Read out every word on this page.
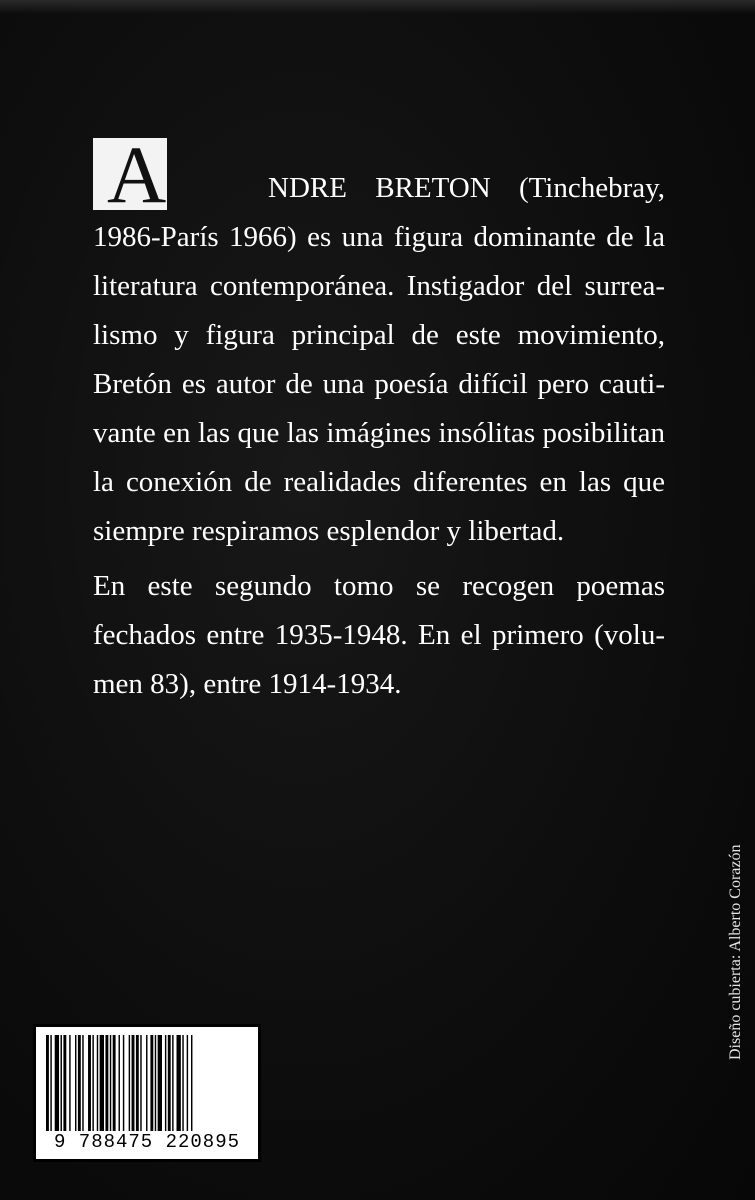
A	NDRE BRETON (Tinchebray,
1986-París 1966) es una figura dominante de la
literatura contemporánea. Instigador del surrea-
lismo y figura principal de este movimiento,
Bretón es autor de una poesía difícil pero cauti-
vante en las que las imágines insólitas posibilitan
la conexión de realidades diferentes en las que
siempre respiramos esplendor y libertad.
En este segundo tomo se recogen poemas
fechados entre 1935-1948. En el primero (volu-
men 83), entre 1914-1934.
9 788475 220895
Diseño cubierta: Alberto Corazón
